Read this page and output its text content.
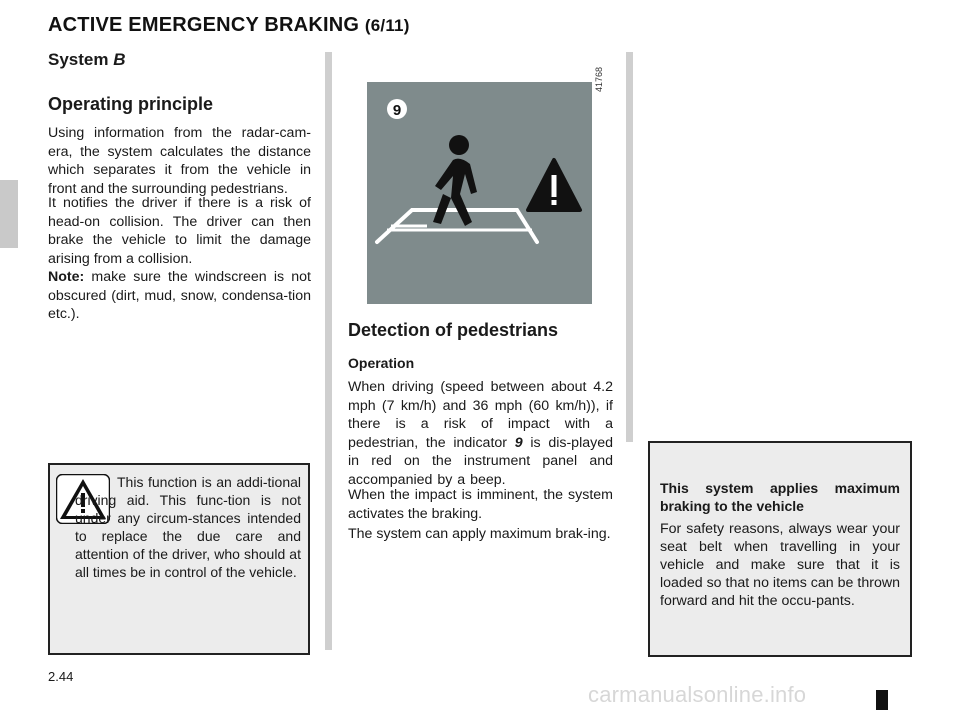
ACTIVE EMERGENCY BRAKING (6/11)
System B
Operating principle

Using information from the radar-cam-era, the system calculates the distance which separates it from the vehicle in front and the surrounding pedestrians.

It notifies the driver if there is a risk of head-on collision. The driver can then brake the vehicle to limit the damage arising from a collision.

Note: make sure the windscreen is not obscured (dirt, mud, snow, condensa-tion etc.).

This function is an addi-tional driving aid. This func-tion is not under any circum-stances intended to replace the due care and attention of the driver, who should at all times be in control of the vehicle.

9
41768
Detection of pedestrians
Operation

When driving (speed between about 4.2 mph (7 km/h) and 36 mph (60 km/h)), if there is a risk of impact with a pedestrian, the indicator 9 is dis-played in red on the instrument panel and accompanied by a beep.

When the impact is imminent, the system activates the braking.

The system can apply maximum brak-ing.

This system applies maximum braking to the vehicle

For safety reasons, always wear your seat belt when travelling in your vehicle and make sure that it is loaded so that no items can be thrown forward and hit the occu-pants.

2.44
carmanualsonline.info
